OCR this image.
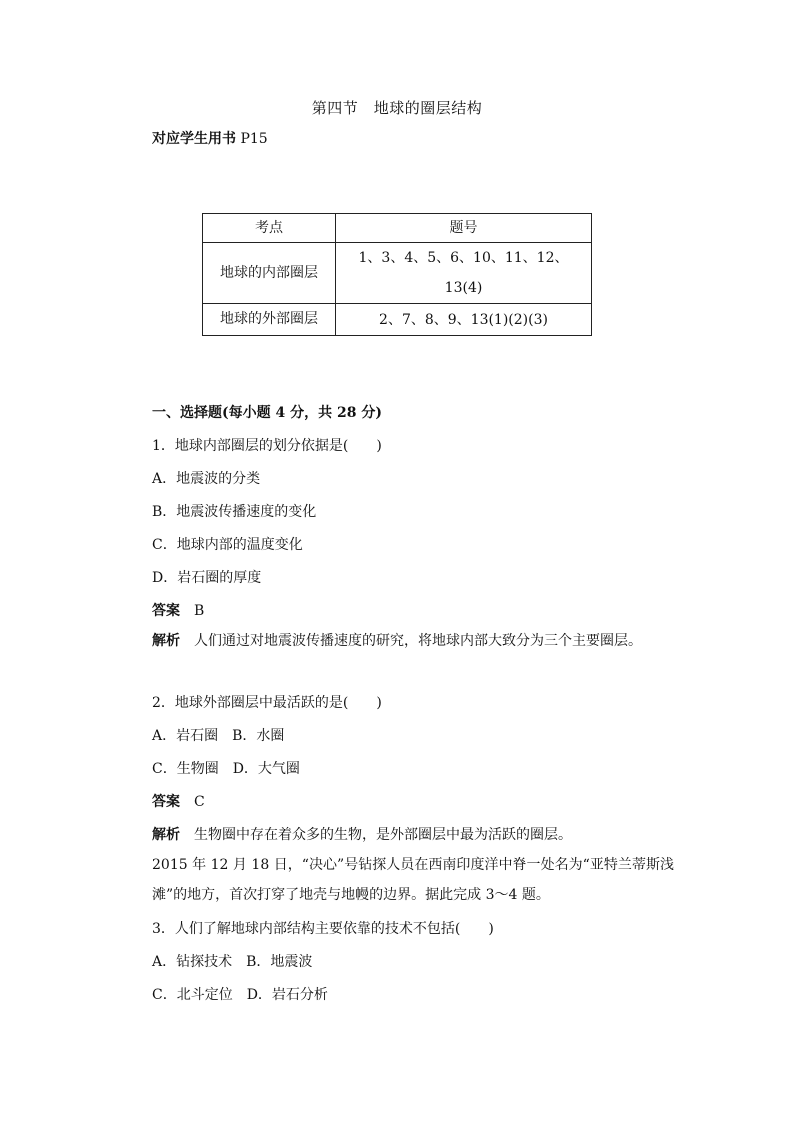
第四节　地球的圈层结构
对应学生用书 P15
考点	题号
地球的内部圈层	1、3、4、5、6、10、11、12、13(4)
地球的外部圈层	2、7、8、9、13(1)(2)(3)
一、选择题(每小题 4 分，共 28 分)
1．地球内部圈层的划分依据是(　　)
A．地震波的分类
B．地震波传播速度的变化
C．地球内部的温度变化
D．岩石圈的厚度
答案 B
解析 人们通过对地震波传播速度的研究，将地球内部大致分为三个主要圈层。
2．地球外部圈层中最活跃的是(　　)
A．岩石圈　B．水圈
C．生物圈　D．大气圈
答案 C
解析 生物圈中存在着众多的生物，是外部圈层中最为活跃的圈层。
2015 年 12 月 18 日，“决心”号钻探人员在西南印度洋中脊一处名为“亚特兰蒂斯浅滩”的地方，首次打穿了地壳与地幔的边界。据此完成 3～4 题。
3．人们了解地球内部结构主要依靠的技术不包括(　　)
A．钻探技术　B．地震波
C．北斗定位　D．岩石分析
